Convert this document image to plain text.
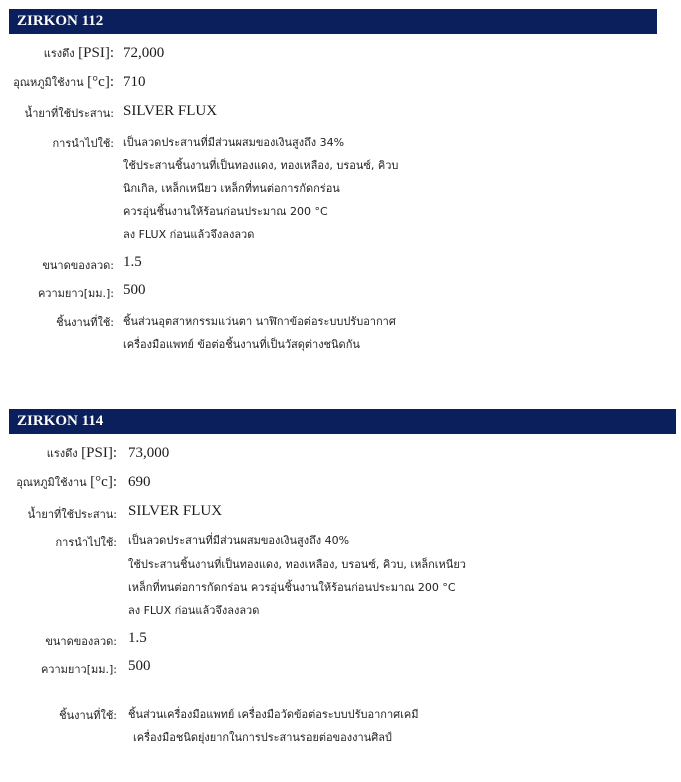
ZIRKON 112
แรงดึง [PSI]: 72,000
อุณหภูมิใช้งาน [°c]: 710
น้ำยาที่ใช้ประสาน: SILVER FLUX
การนำไปใช้: เป็นลวดประสานที่มีส่วนผสมของเงินสูงถึง 34%
ใช้ประสานชิ้นงานที่เป็นทองแดง, ทองเหลือง, บรอนซ์, คิวบ
นิกเกิล, เหล็กเหนียว เหล็กที่ทนต่อการกัดกร่อน
ควรอุ่นชิ้นงานให้ร้อนก่อนประมาณ 200 °C
ลง FLUX ก่อนแล้วจึงลงลวด
ขนาดของลวด: 1.5
ความยาว[มม.]: 500
ชิ้นงานที่ใช้: ชิ้นส่วนอุตสาหกรรมแว่นตา นาฬิกาข้อต่อระบบปรับอากาศ
เครื่องมือแพทย์ ข้อต่อชิ้นงานที่เป็นวัสดุต่างชนิดกัน
ZIRKON 114
แรงดึง [PSI]: 73,000
อุณหภูมิใช้งาน [°c]: 690
น้ำยาที่ใช้ประสาน: SILVER FLUX
การนำไปใช้: เป็นลวดประสานที่มีส่วนผสมของเงินสูงถึง 40%
ใช้ประสานชิ้นงานที่เป็นทองแดง, ทองเหลือง, บรอนซ์, คิวบ, เหล็กเหนียว
เหล็กที่ทนต่อการกัดกร่อน ควรอุ่นชิ้นงานให้ร้อนก่อนประมาณ 200 °C
ลง FLUX ก่อนแล้วจึงลงลวด
ขนาดของลวด: 1.5
ความยาว[มม.]: 500
ชิ้นงานที่ใช้: ชิ้นส่วนเครื่องมือแพทย์ เครื่องมือวัดข้อต่อระบบปรับอากาศเคมี
เครื่องมือชนิดยุ่งยากในการประสานรอยต่อของงานศิลป์
